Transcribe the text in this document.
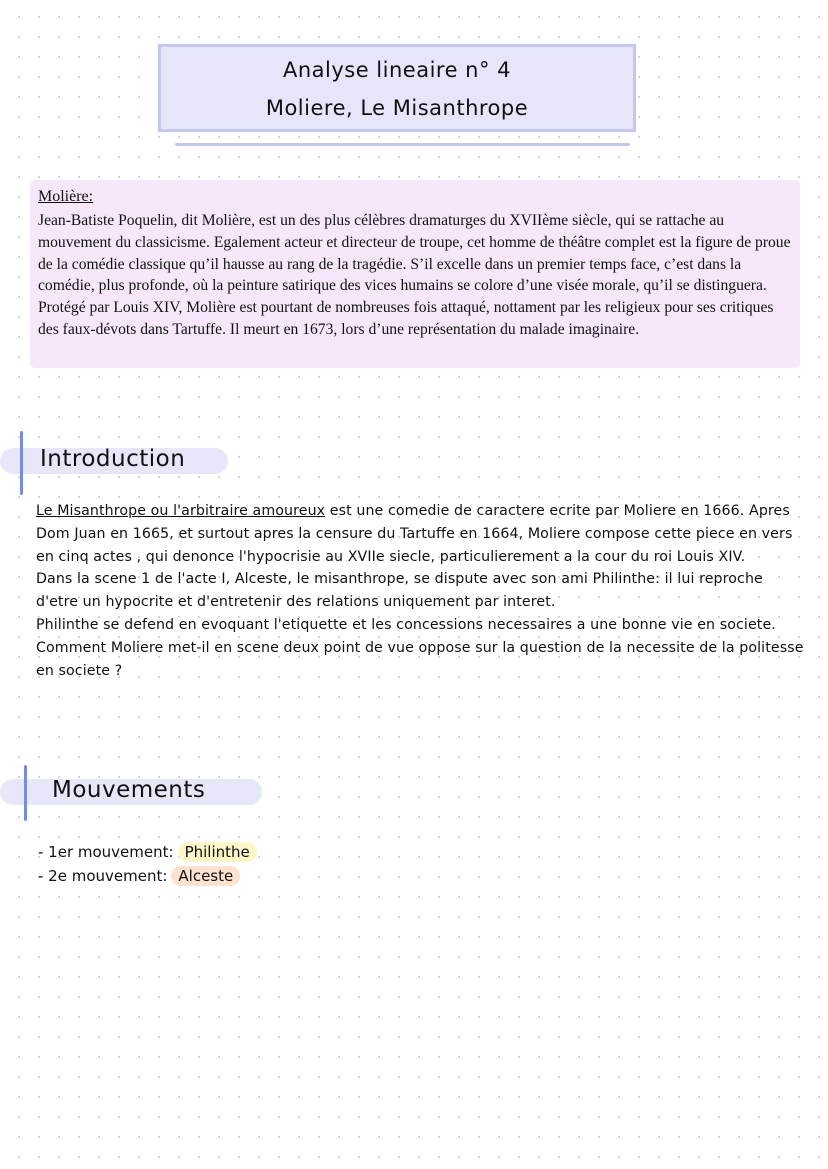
Analyse lineaire n° 4
Moliere, Le Misanthrope
Molière:

Jean-Batiste Poquelin, dit Molière, est un des plus célèbres dramaturges du XVIIème siècle, qui se rattache au mouvement du classicisme. Egalement acteur et directeur de troupe, cet homme de théâtre complet est la figure de proue de la comédie classique qu’il hausse au rang de la tragédie. S’il excelle dans un premier temps face, c’est dans la comédie, plus profonde, où la peinture satirique des vices humains se colore d’une visée morale, qu’il se distinguera. Protégé par Louis XIV, Molière est pourtant de nombreuses fois attaqué, nottament par les religieux pour ses critiques des faux-dévots dans Tartuffe. Il meurt en 1673, lors d’une représentation du malade imaginaire.

Introduction
Le Misanthrope ou l'arbitraire amoureux est une comedie de caractere ecrite par Moliere en 1666. Apres Dom Juan en 1665, et surtout apres la censure du Tartuffe en 1664, Moliere compose cette piece en vers en cinq actes , qui denonce l'hypocrisie au XVIIe siecle, particulierement a la cour du roi Louis XIV.
Dans la scene 1 de l'acte I, Alceste, le misanthrope, se dispute avec son ami Philinthe: il lui reproche d'etre un hypocrite et d'entretenir des relations uniquement par interet.
Philinthe se defend en evoquant l'etiquette et les concessions necessaires a une bonne vie en societe. Comment Moliere met-il en scene deux point de vue oppose sur la question de la necessite de la politesse en societe ?
Mouvements
- 1er mouvement: Philinthe
- 2e mouvement: Alceste
